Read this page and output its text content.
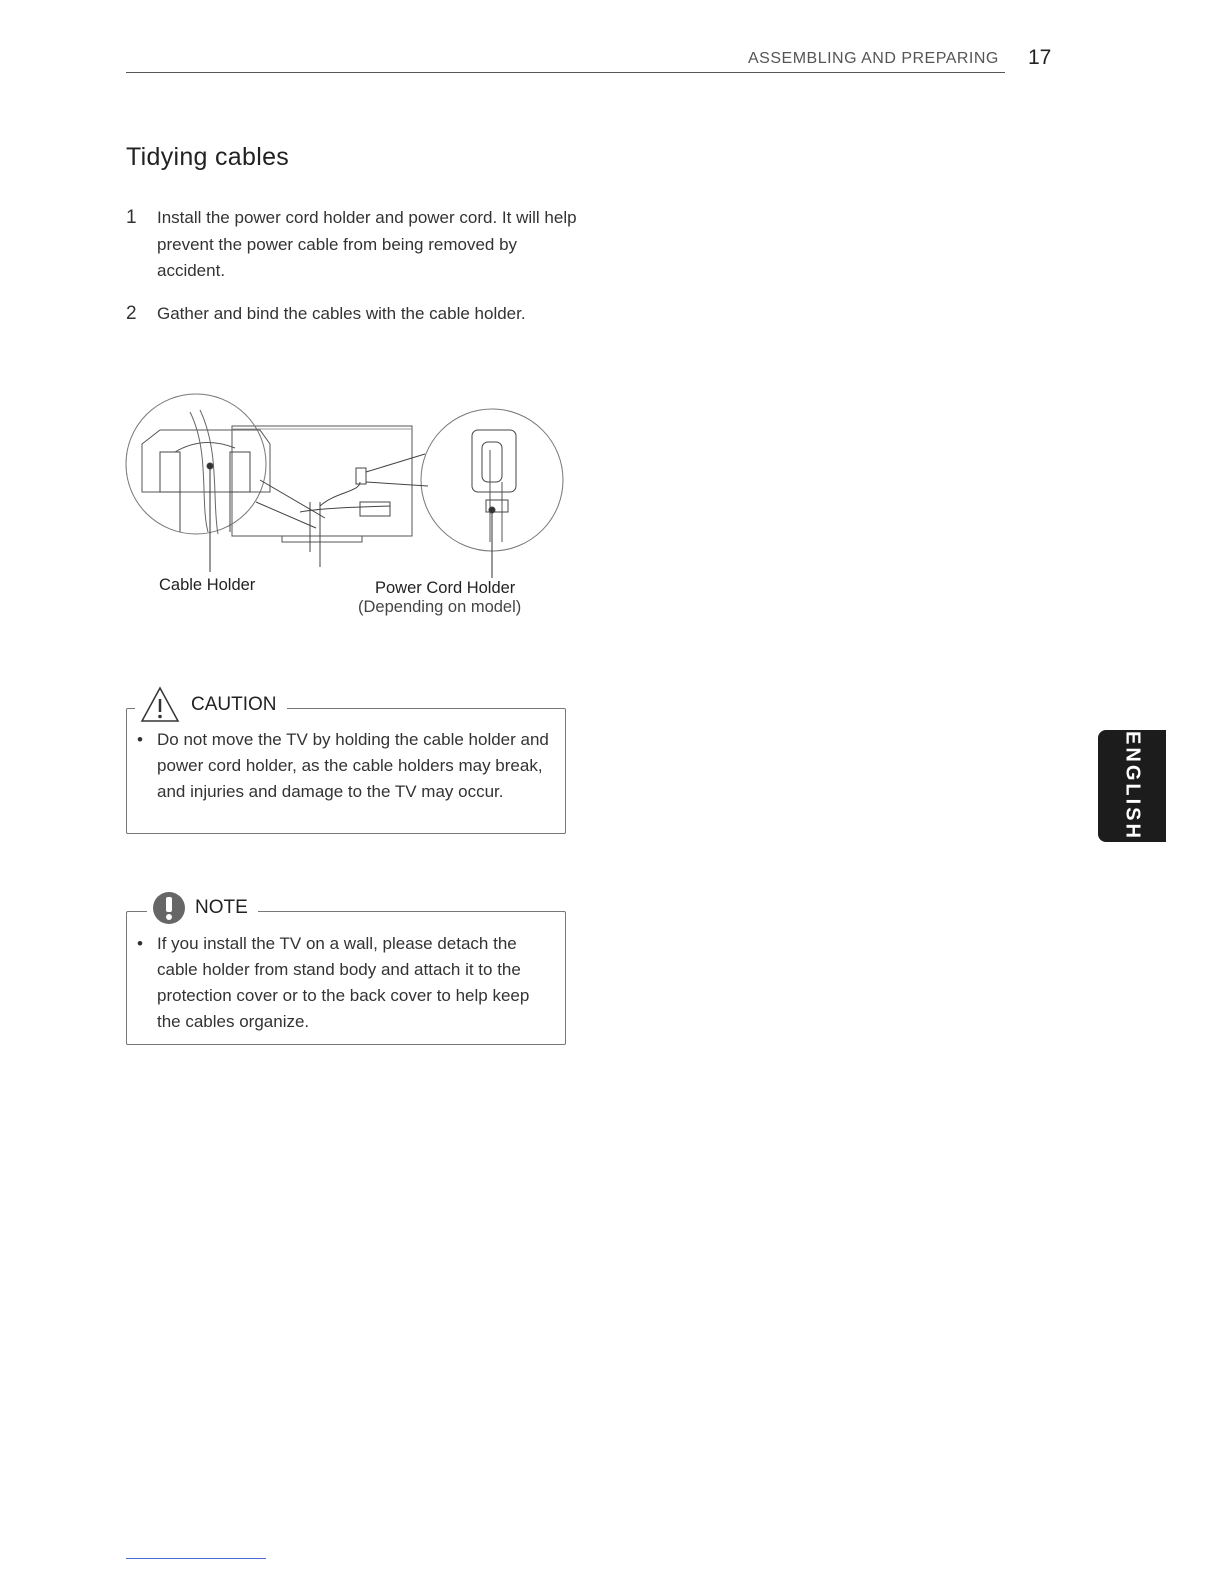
ASSEMBLING AND PREPARING 17
ENGLISH
Tidying cables
1 Install the power cord holder and power cord. It will help prevent the power cable from being removed by accident.
2 Gather and bind the cables with the cable holder.
Cable Holder	Power Cord Holder
(Depending on model)
CAUTION
• Do not move the TV by holding the cable holder and power cord holder, as the cable holders may break, and injuries and damage to the TV may occur.
NOTE
• If you install the TV on a wall, please detach the cable holder from stand body and attach it to the protection cover or to the back cover to help keep the cables organize.
